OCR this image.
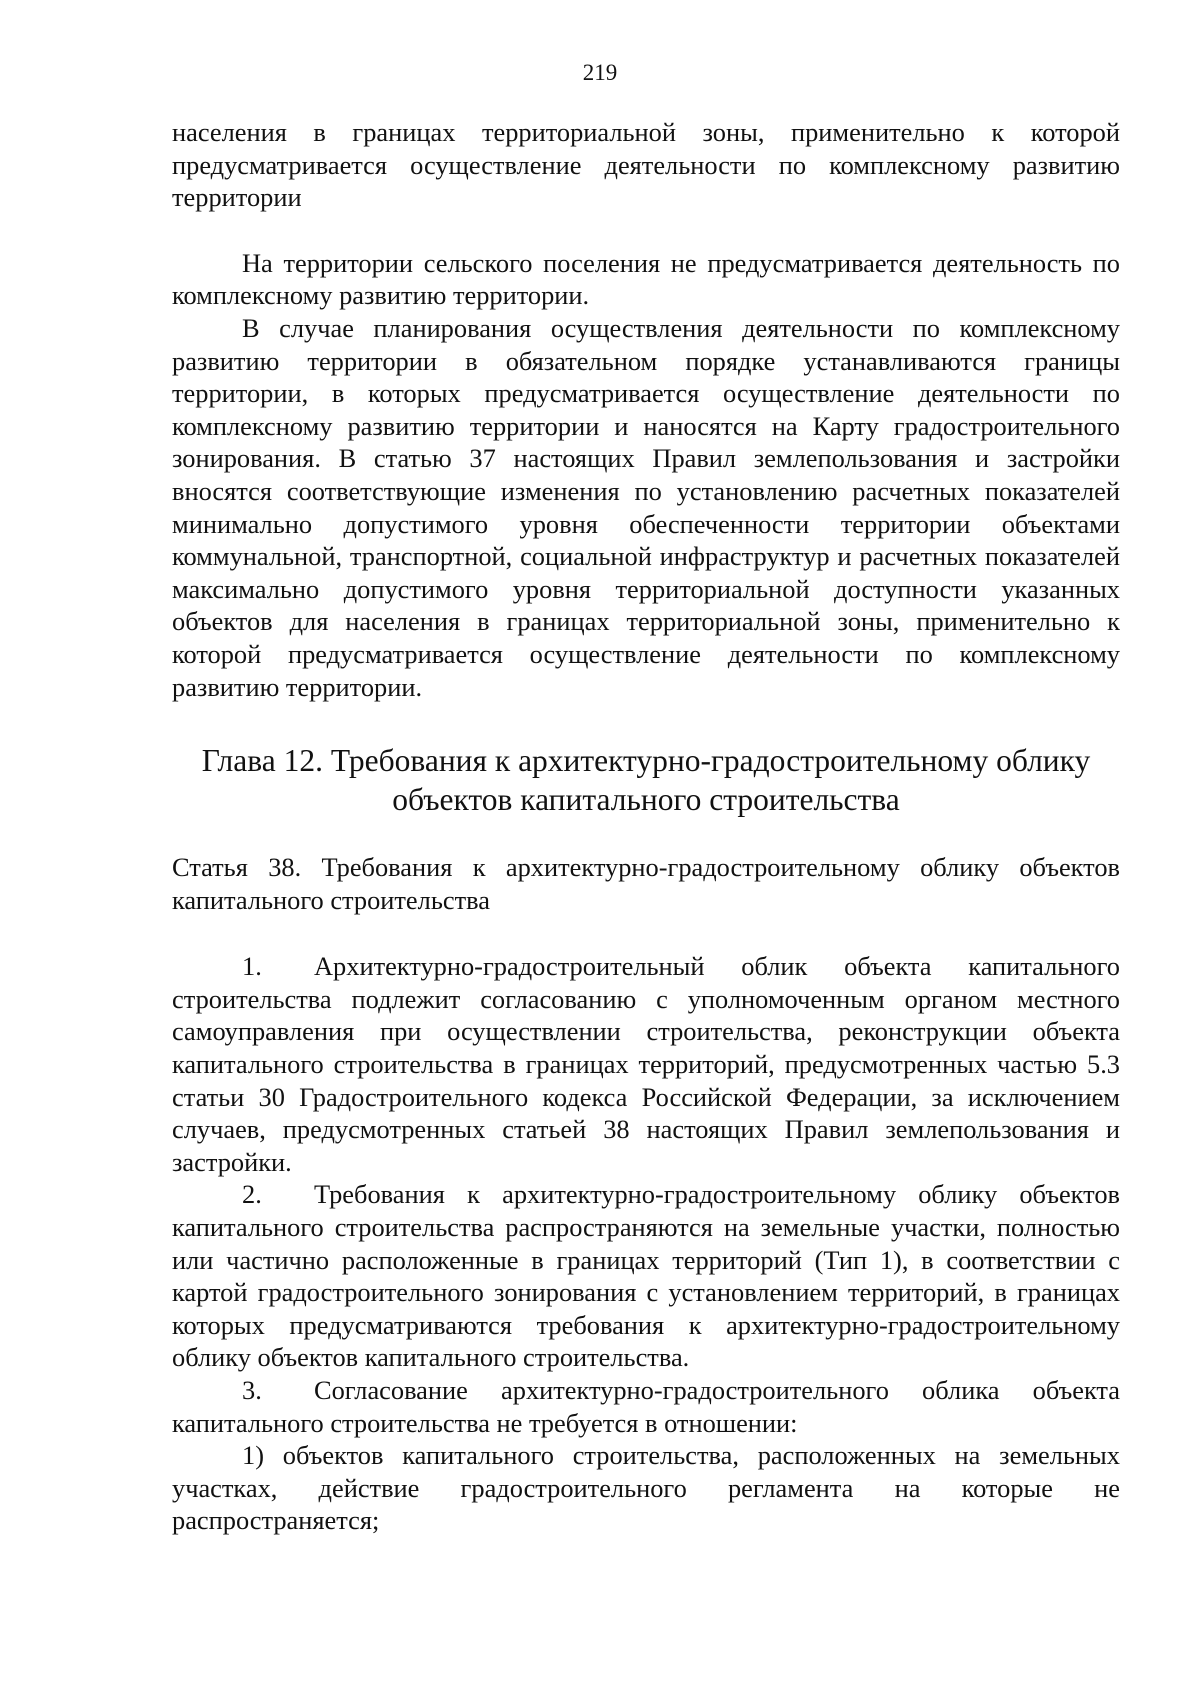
219

населения в границах территориальной зоны, применительно к которой предусматривается осуществление деятельности по комплексному развитию территории

На территории сельского поселения не предусматривается деятельность по комплексному развитию территории.

В случае планирования осуществления деятельности по комплексному развитию территории в обязательном порядке устанавливаются границы территории, в которых предусматривается осуществление деятельности по комплексному развитию территории и наносятся на Карту градостроительного зонирования. В статью 37 настоящих Правил землепользования и застройки вносятся соответствующие изменения по установлению расчетных показателей минимально допустимого уровня обеспеченности территории объектами коммунальной, транспортной, социальной инфраструктур и расчетных показателей максимально допустимого уровня территориальной доступности указанных объектов для населения в границах территориальной зоны, применительно к которой предусматривается осуществление деятельности по комплексному развитию территории.

Глава 12. Требования к архитектурно-градостроительному облику
объектов капитального строительства

Статья 38. Требования к архитектурно-градостроительному облику объектов капитального строительства

1. Архитектурно-градостроительный облик объекта капитального строительства подлежит согласованию с уполномоченным органом местного самоуправления при осуществлении строительства, реконструкции объекта капитального строительства в границах территорий, предусмотренных частью 5.3 статьи 30 Градостроительного кодекса Российской Федерации, за исключением случаев, предусмотренных статьей 38 настоящих Правил землепользования и застройки.

2. Требования к архитектурно-градостроительному облику объектов капитального строительства распространяются на земельные участки, полностью или частично расположенные в границах территорий (Тип 1), в соответствии с картой градостроительного зонирования с установлением территорий, в границах которых предусматриваются требования к архитектурно-градостроительному облику объектов капитального строительства.

3. Согласование архитектурно-градостроительного облика объекта капитального строительства не требуется в отношении:

1) объектов капитального строительства, расположенных на земельных участках, действие градостроительного регламента на которые не распространяется;
